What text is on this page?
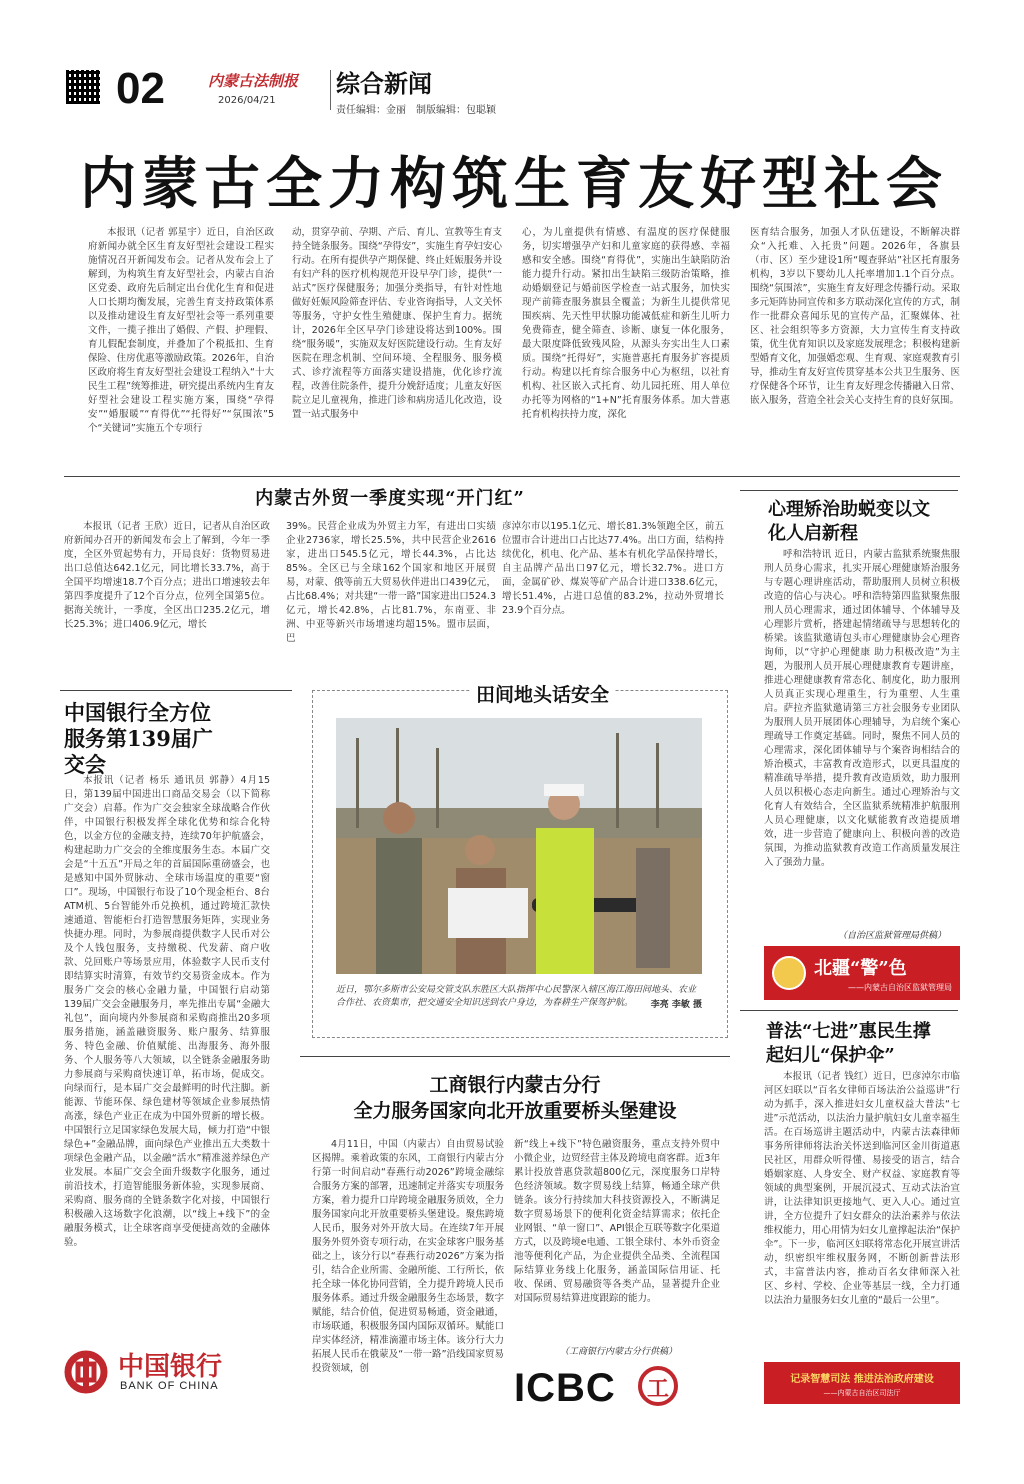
02	内蒙古法制报
2026/04/21
综合新闻
责任编辑：金丽　制版编辑：包聪颖
内蒙古全力构筑生育友好型社会

本报讯（记者 郭星宇）近日，自治区政府新闻办就全区生育友好型社会建设工程实施情况召开新闻发布会。记者从发布会上了解到，为构筑生育友好型社会，内蒙古自治区党委、政府先后制定出台优化生育和促进人口长期均衡发展，完善生育支持政策体系以及推动建设生育友好型社会等一系列重要文件，一揽子推出了婚假、产假、护理假、育儿假配套制度，并叠加了个税抵扣、生育保险、住房优惠等激励政策。2026年，自治区政府将生育友好型社会建设工程纳入“十大民生工程”统筹推进，研究提出系统内生育友好型社会建设工程实施方案，围绕“孕得安”“婚服暖”“育得优”“托得好”“氛围浓”5个“关键词”实施五个专项行

动，贯穿孕前、孕期、产后、育儿、宣教等生育支持全链条服务。围绕“孕得安”，实施生育孕妇安心行动。在所有提供孕产期保健、终止妊娠服务并设有妇产科的医疗机构规范开设早孕门诊，提供“一站式”医疗保健服务；加强分类指导，有针对性地做好妊娠风险筛查评估、专业咨询指导，人文关怀等服务，守护女性生殖健康、保护生育力。据统计，2026年全区早孕门诊建设将达到100%。围绕“服务暖”，实施双友好医院建设行动。生育友好医院在理念机制、空间环境、全程服务、服务模式、诊疗流程等方面落实建设措施，优化诊疗流程，改善住院条件，提升分娩舒适度；儿童友好医院立足儿童视角，推进门诊和病房适儿化改造，设置一站式服务中

心，为儿童提供有情感、有温度的医疗保健服务，切实增强孕产妇和儿童家庭的获得感、幸福感和安全感。围绕“育得优”，实施出生缺陷防治能力提升行动。紧扣出生缺陷三级防治策略，推动婚姻登记与婚前医学检查一站式服务，加快实现产前筛查服务旗县全覆盖；为新生儿提供常见围疾病、先天性甲状腺功能减低症和新生儿听力免费筛查，健全筛查、诊断、康复一体化服务，最大限度降低致残风险，从源头夯实出生人口素质。围绕“托得好”，实施普惠托育服务扩容提质行动。构建以托育综合服务中心为枢纽，以社育机构、社区嵌入式托育、幼儿园托班、用人单位办托等为网格的“1+N”托育服务体系。加大普惠托育机构扶持力度，深化

医育结合服务，加强人才队伍建设，不断解决群众“入托难、入托贵”问题。2026年，各旗县（市、区）至少建设1所“嘎查驿站”社区托育服务机构，3岁以下婴幼儿人托率增加1.1个百分点。围绕“氛围浓”，实施生育友好理念传播行动。采取多元矩阵协同宣传和多方联动深化宣传的方式，制作一批群众喜闻乐见的宣传产品，汇聚媒体、社区、社会组织等多方资源，大力宣传生育支持政策，优生优育知识以及家庭发展理念；积极构建新型婚育文化，加强婚恋观、生育观、家庭观教育引导，推动生育友好宣传贯穿基本公共卫生服务、医疗保健各个环节，让生育友好理念传播融入日常、嵌入服务，营造全社会关心支持生育的良好氛围。

内蒙古外贸一季度实现“开门红”

本报讯（记者 王欣）近日，记者从自治区政府新闻办召开的新闻发布会上了解到，今年一季度，全区外贸起势有力，开局良好：货物贸易进出口总值达642.1亿元，同比增长33.7%，高于全国平均增速18.7个百分点；进出口增速较去年第四季度提升了12个百分点，位列全国第5位。据海关统计，一季度，全区出口235.2亿元，增长25.3%；进口406.9亿元，增长

39%。民营企业成为外贸主力军，有进出口实绩企业2736家，增长25.5%，共中民营企业2616家，进出口545.5亿元，增长44.3%，占比达85%。全区已与全球162个国家和地区开展贸易，对蒙、俄等前五大贸易伙伴进出口439亿元，占比68.4%；对共建“一带一路”国家进出口524.3亿元，增长42.8%，占比81.7%，东南亚、非洲、中亚等新兴市场增速均超15%。盟市层面，巴

彦淖尔市以195.1亿元、增长81.3%领跑全区，前五位盟市合计进出口占比达77.4%。出口方面，结构持续优化，机电、化产品、基本有机化学品保持增长，自主品牌产品出口97亿元，增长32.7%。进口方面，金属矿砂、煤炭等矿产品合计进口338.6亿元，增长51.4%，占进口总值的83.2%，拉动外贸增长23.9个百分点。

中国银行全方位服务第139届广交会

本报讯（记者 杨乐 通讯员 郭静）4月15日，第139届中国进出口商品交易会（以下简称广交会）启幕。作为广交会独家全球战略合作伙伴，中国银行积极发挥全球化优势和综合化特色，以金方位的金融支持，连续70年护航盛会，构建起助力广交会的全维度服务生态。本届广交会是“十五五”开局之年的首届国际重磅盛会，也是感知中国外贸脉动、全球市场温度的重要“窗口”。现场，中国银行布设了10个现金柜台、8台ATM机、5台智能外币兑换机，通过跨境汇款快速通道、智能柜台打造智慧服务矩阵，实现业务快捷办理。同时，为参展商提供数字人民币对公及个人钱包服务，支持缴税、代发薪、商户收款、兑回账户等场景应用，体验数字人民币支付即结算实时清算，有效节约交易资金成本。作为服务广交会的核心金融力量，中国银行启动第139届广交会金融服务月，率先推出专属“金融大礼包”，面向境内外参展商和采购商推出20多项服务措施，涵盖融资服务、账户服务、结算服务、特色金融、价值赋能、出海服务、海外服务、个人服务等八大领域，以全链条金融服务助力参展商与采购商快速订单，拓市场，促成交。向绿而行，是本届广交会最鲜明的时代注脚。新能源、节能环保、绿色建材等领域企业参展热情高涨，绿色产业正在成为中国外贸新的增长极。中国银行立足国家绿色发展大局，倾力打造“中银绿色+”金融品牌，面向绿色产业推出五大类数十项绿色金融产品，以金融“活水”精准滋养绿色产业发展。本届广交会全面升级数字化服务，通过前沿技术，打造智能服务新体验，实现参展商、采购商、服务商的全链条数字化对接，中国银行积极融入这场数字化浪潮，以“线上+线下”的金融服务模式，让全球客商享受便捷高效的金融体验。

中国银行
BANK OF CHINA
田间地头话安全
近日，鄂尔多斯市公安局交管支队东胜区大队指挥中心民警深入辖区海江海田间地头、农业合作社、农资集市，把交通安全知识送到农户身边，为春耕生产保驾护航。 李亮 李敏 摄
工商银行内蒙古分行
全力服务国家向北开放重要桥头堡建设

4月11日，中国（内蒙古）自由贸易试验区揭牌。乘着政策的东风，工商银行内蒙古分行第一时间启动“春燕行动2026”跨境金融综合服务方案的部署，迅速制定并落实专项服务方案，着力提升口岸跨境金融服务质效，全力服务国家向北开放重要桥头堡建设。聚焦跨境人民币，服务对外开放大局。在连续7年开展服务外贸外资专项行动，在实金球客户服务基础之上，该分行以“春燕行动2026”方案为指引，结合企业所需、金融所能、工行所长，依托全球一体化协同营销，全力提升跨境人民币服务体系。通过升级金融服务生态场景，数字赋能，结合价值，促进贸易畅通，资金融通，市场联通，积极服务国内国际双循环。赋能口岸实体经济，精准滴灌市场主体。该分行大力拓展人民币在俄蒙及“一带一路”沿线国家贸易投资领域，创

新“线上+线下”特色融资服务，重点支持外贸中小微企业，边贸经营主体及跨境电商客群。近3年累计投放普惠贷款超800亿元，深度服务口岸特色经济领域。数字贸易线上结算，畅通全球产供链条。该分行持续加大科技资源投入，不断满足数字贸易场景下的便利化资金结算需求；依托企业网银、“单一窗口”、API银企互联等数字化渠道方式，以及跨境e电通、工银全球付、本外币资金池等便利化产品，为企业提供全品类、全流程国际结算业务线上化服务，涵盖国际信用证、托收、保函、贸易融资等各类产品，显著提升企业对国际贸易结算进度跟踪的能力。

（工商银行内蒙古分行供稿）
ICBC	工
心理矫治助蜕变以文化人启新程

呼和浩特讯 近日，内蒙古监狱系统聚焦服刑人员身心需求，扎实开展心理健康矫治服务与专题心理讲座活动，帮助服刑人员树立积极改造的信心与决心。呼和浩特第四监狱聚焦服刑人员心理需求，通过团体辅导、个体辅导及心理影片赏析，搭建起情绪疏导与思想转化的桥梁。该监狱邀请包头市心理健康协会心理咨询师，以“守护心理健康 助力积极改造”为主题，为服刑人员开展心理健康教育专题讲座，推进心理健康教育常态化、制度化，助力服刑人员真正实现心理重生，行为重塑、人生重启。萨拉齐监狱邀请第三方社会服务专业团队为服刑人员开展团体心理辅导，为启统个案心理疏导工作奠定基础。同时，聚焦不同人员的心理需求，深化团体辅导与个案咨询相结合的矫治模式，丰富教育改造形式，以更具温度的精准疏导举措，提升教育改造质效，助力服刑人员以积极心态走向新生。通过心理矫治与文化育人有效结合，全区监狱系统精准护航服刑人员心理健康，以文化赋能教育改造提质增效，进一步营造了健康向上、积极向善的改造氛围，为推动监狱教育改造工作高质量发展注入了强劲力量。

（自治区监狱管理局供稿）
北疆“警”色
——内蒙古自治区监狱管理局
普法“七进”惠民生撑起妇儿“保护伞”

本报讯（记者 钱红）近日，巴彦淖尔市临河区妇联以“百名女律师百场法治公益巡讲”行动为抓手，深入推进妇女儿童权益大普法“七进”示范活动，以法治力量护航妇女儿童幸福生活。在百场巡讲主题活动中，内蒙古法森律师事务所律师将法治关怀送到临河区金川街道惠民社区，用群众听得懂、易接受的语言，结合婚姻家庭、人身安全、财产权益、家庭教育等领域的典型案例，开展沉浸式、互动式法治宣讲，让法律知识更接地气、更入人心。通过宣讲，全方位提升了妇女群众的法治素养与依法维权能力，用心用情为妇女儿童撑起法治“保护伞”。下一步，临河区妇联将常态化开展宣讲活动，织密织牢维权服务网，不断创新普法形式，丰富普法内容，推动百名女律师深入社区、乡村、学校、企业等基层一线，全力打通以法治力量服务妇女儿童的“最后一公里”。

记录智慧司法 推进法治政府建设
——内蒙古自治区司法厅
